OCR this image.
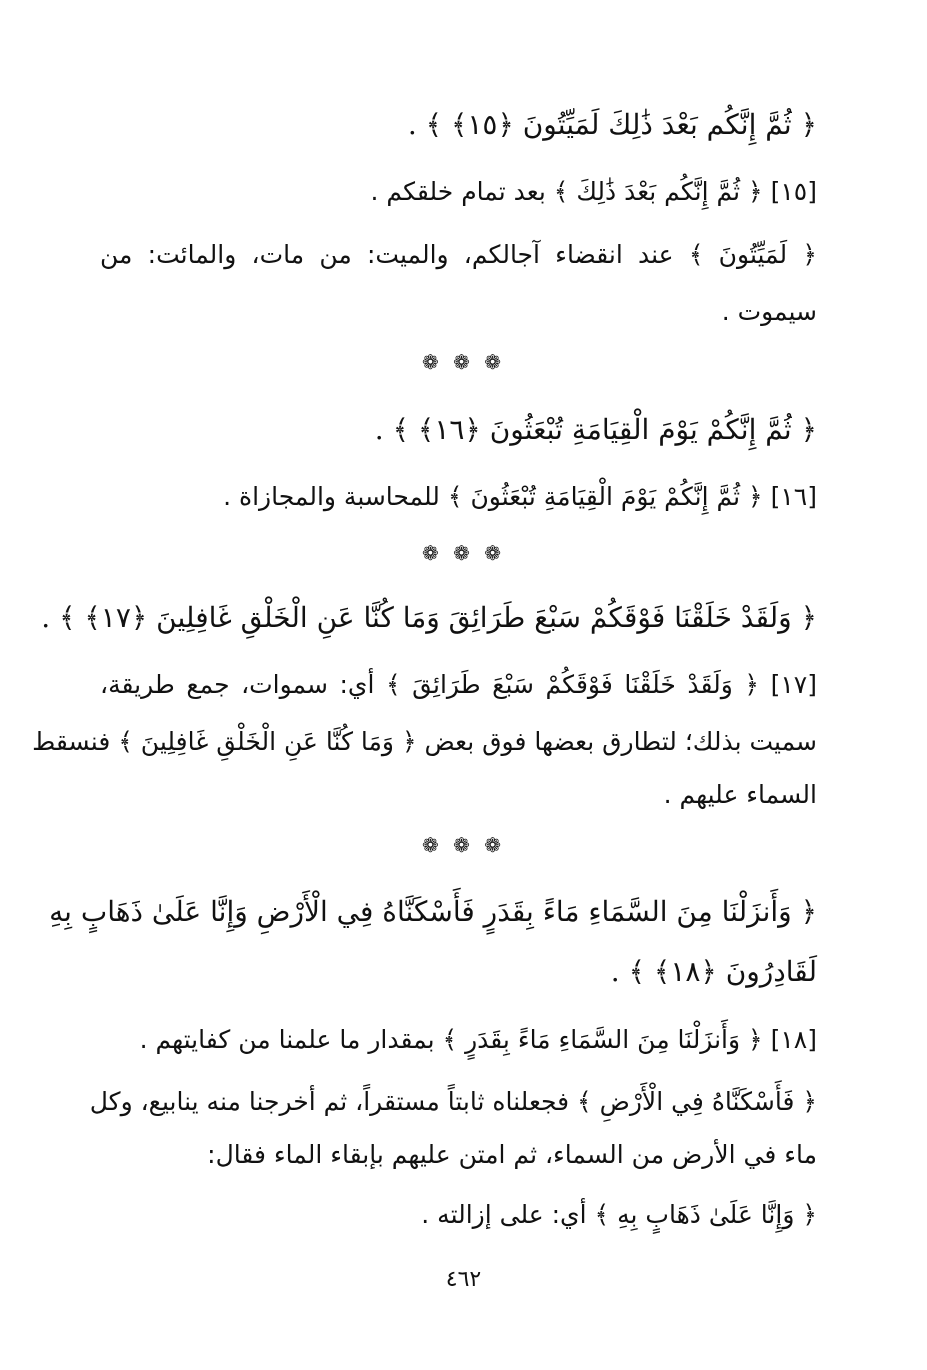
﴿ ثُمَّ إِنَّكُم بَعْدَ ذَٰلِكَ لَمَيِّتُونَ ﴿١٥﴾ ﴾ .
[١٥] ﴿ ثُمَّ إِنَّكُم بَعْدَ ذَٰلِكَ ﴾ بعد تمام خلقكم .
﴿ لَمَيِّتُونَ ﴾ عند انقضاء آجالكم، والميت: من مات، والمائت: من
سيموت .
❁ ❁ ❁
﴿ ثُمَّ إِنَّكُمْ يَوْمَ الْقِيَامَةِ تُبْعَثُونَ ﴿١٦﴾ ﴾ .
[١٦] ﴿ ثُمَّ إِنَّكُمْ يَوْمَ الْقِيَامَةِ تُبْعَثُونَ ﴾ للمحاسبة والمجازاة .
❁ ❁ ❁
﴿ وَلَقَدْ خَلَقْنَا فَوْقَكُمْ سَبْعَ طَرَائِقَ وَمَا كُنَّا عَنِ الْخَلْقِ غَافِلِينَ ﴿١٧﴾ ﴾ .
[١٧] ﴿ وَلَقَدْ خَلَقْنَا فَوْقَكُمْ سَبْعَ طَرَائِقَ ﴾ أي: سموات، جمع طريقة،
سميت بذلك؛ لتطارق بعضها فوق بعض ﴿ وَمَا كُنَّا عَنِ الْخَلْقِ غَافِلِينَ ﴾ فنسقط
السماء عليهم .
❁ ❁ ❁
﴿ وَأَنزَلْنَا مِنَ السَّمَاءِ مَاءً بِقَدَرٍ فَأَسْكَنَّاهُ فِي الْأَرْضِ وَإِنَّا عَلَىٰ ذَهَابٍ بِهِ
لَقَادِرُونَ ﴿١٨﴾ ﴾ .
[١٨] ﴿ وَأَنزَلْنَا مِنَ السَّمَاءِ مَاءً بِقَدَرٍ ﴾ بمقدار ما علمنا من كفايتهم .
﴿ فَأَسْكَنَّاهُ فِي الْأَرْضِ ﴾ فجعلناه ثابتاً مستقراً، ثم أخرجنا منه ينابيع، وكل
ماء في الأرض من السماء، ثم امتن عليهم بإبقاء الماء فقال:
﴿ وَإِنَّا عَلَىٰ ذَهَابٍ بِهِ ﴾ أي: على إزالته .
٤٦٢
